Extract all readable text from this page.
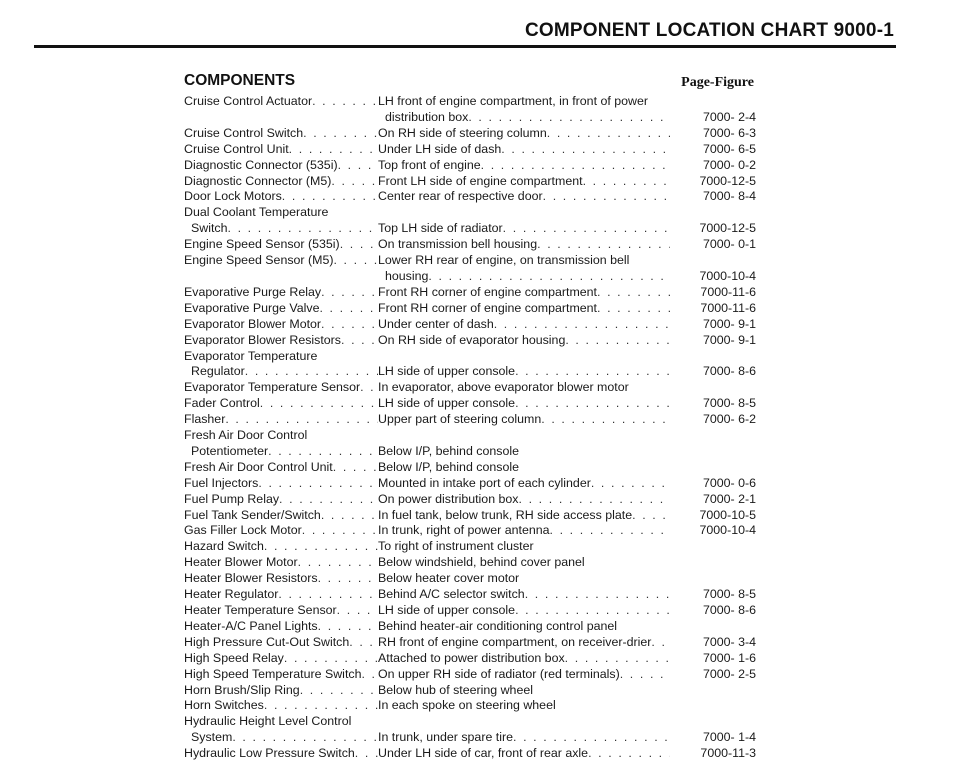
COMPONENT LOCATION CHART 9000-1
COMPONENTS	Page-Figure
Cruise Control Actuator . . .	LH front of engine compartment, in front of power
distribution box . . .	7000- 2-4
Cruise Control Switch . . .	On RH side of steering column . . .	7000- 6-3
Cruise Control Unit . . .	Under LH side of dash . . .	7000- 6-5
Diagnostic Connector (535i) . . .	Top front of engine . . .	7000- 0-2
Diagnostic Connector (M5) . . .	Front LH side of engine compartment . . .	7000-12-5
Door Lock Motors . . .	Center rear of respective door . . .	7000- 8-4
Dual Coolant Temperature
Switch . . .	Top LH side of radiator . . .	7000-12-5
Engine Speed Sensor (535i) . . .	On transmission bell housing . . .	7000- 0-1
Engine Speed Sensor (M5) . . .	Lower RH rear of engine, on transmission bell
housing . . .	7000-10-4
Evaporative Purge Relay . . .	Front RH corner of engine compartment . . .	7000-11-6
Evaporative Purge Valve . . .	Front RH corner of engine compartment . . .	7000-11-6
Evaporator Blower Motor . . .	Under center of dash . . .	7000- 9-1
Evaporator Blower Resistors . . .	On RH side of evaporator housing . . .	7000- 9-1
Evaporator Temperature
Regulator . . .	LH side of upper console . . .	7000- 8-6
Evaporator Temperature Sensor . . . In evaporator, above evaporator blower motor
Fader Control . . .	LH side of upper console . . .	7000- 8-5
Flasher . . .	Upper part of steering column . . .	7000- 6-2
Fresh Air Door Control
Potentiometer . . .	Below I/P, behind console
Fresh Air Door Control Unit . . .	Below I/P, behind console
Fuel Injectors . . .	Mounted in intake port of each cylinder . . .	7000- 0-6
Fuel Pump Relay . . .	On power distribution box . . .	7000- 2-1
Fuel Tank Sender/Switch . . .	In fuel tank, below trunk, RH side access plate . . .	7000-10-5
Gas Filler Lock Motor . . .	In trunk, right of power antenna . . .	7000-10-4
Hazard Switch . . .	To right of instrument cluster
Heater Blower Motor . . .	Below windshield, behind cover panel
Heater Blower Resistors . . .	Below heater cover motor
Heater Regulator . . .	Behind A/C selector switch . . .	7000- 8-5
Heater Temperature Sensor . . .	LH side of upper console . . .	7000- 8-6
Heater-A/C Panel Lights . . .	Behind heater-air conditioning control panel
High Pressure Cut-Out Switch . . . RH front of engine compartment, on receiver-drier . . .	7000- 3-4
High Speed Relay . . .	Attached to power distribution box . . .	7000- 1-6
High Speed Temperature Switch . . . On upper RH side of radiator (red terminals) . . .	7000- 2-5
Horn Brush/Slip Ring . . .	Below hub of steering wheel
Horn Switches . . .	In each spoke on steering wheel
Hydraulic Height Level Control
System . . .	In trunk, under spare tire . . .	7000- 1-4
Hydraulic Low Pressure Switch . . . Under LH side of car, front of rear axle . . .	7000-11-3
